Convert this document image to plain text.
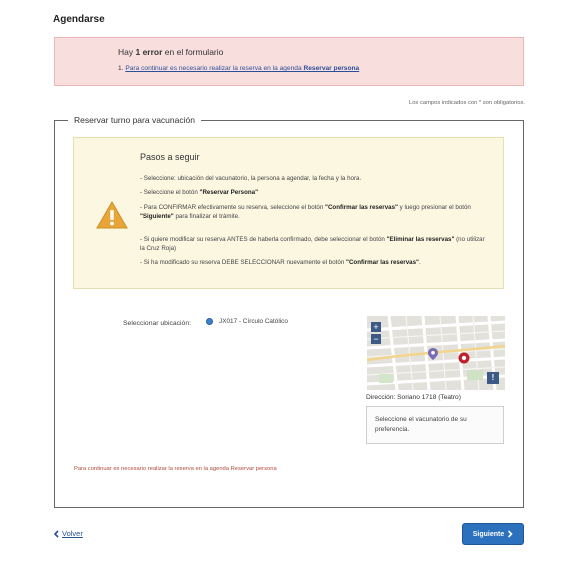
Agendarse
Hay 1 error en el formulario
1. Para continuar es necesario realizar la reserva en la agenda Reservar persona
Los campos indicados con * son obligatorios.
Reservar turno para vacunación
Pasos a seguir
- Seleccione: ubicación del vacunatorio, la persona a agendar, la fecha y la hora.
- Seleccione el botón "Reservar Persona"
- Para CONFIRMAR efectivamente su reserva, seleccione el botón "Confirmar las reservas" y luego presionar el botón "Siguiente" para finalizar el trámite.
- Si quiere modificar su reserva ANTES de haberla confirmado, debe seleccionar el botón "Eliminar las reservas" (no utilizar la Cruz Roja)
- Si ha modificado su reserva DEBE SELECCIONAR nuevamente el botón "Confirmar las reservas".
Seleccionar ubicación:	JX017 - Círculo Católico
+
−
!
Dirección: Soriano 1718 (Teatro)
Seleccione el vacunatorio de su preferencia.
Para continuar es necesario realizar la reserva en la agenda Reservar persona
Volver	Siguiente
